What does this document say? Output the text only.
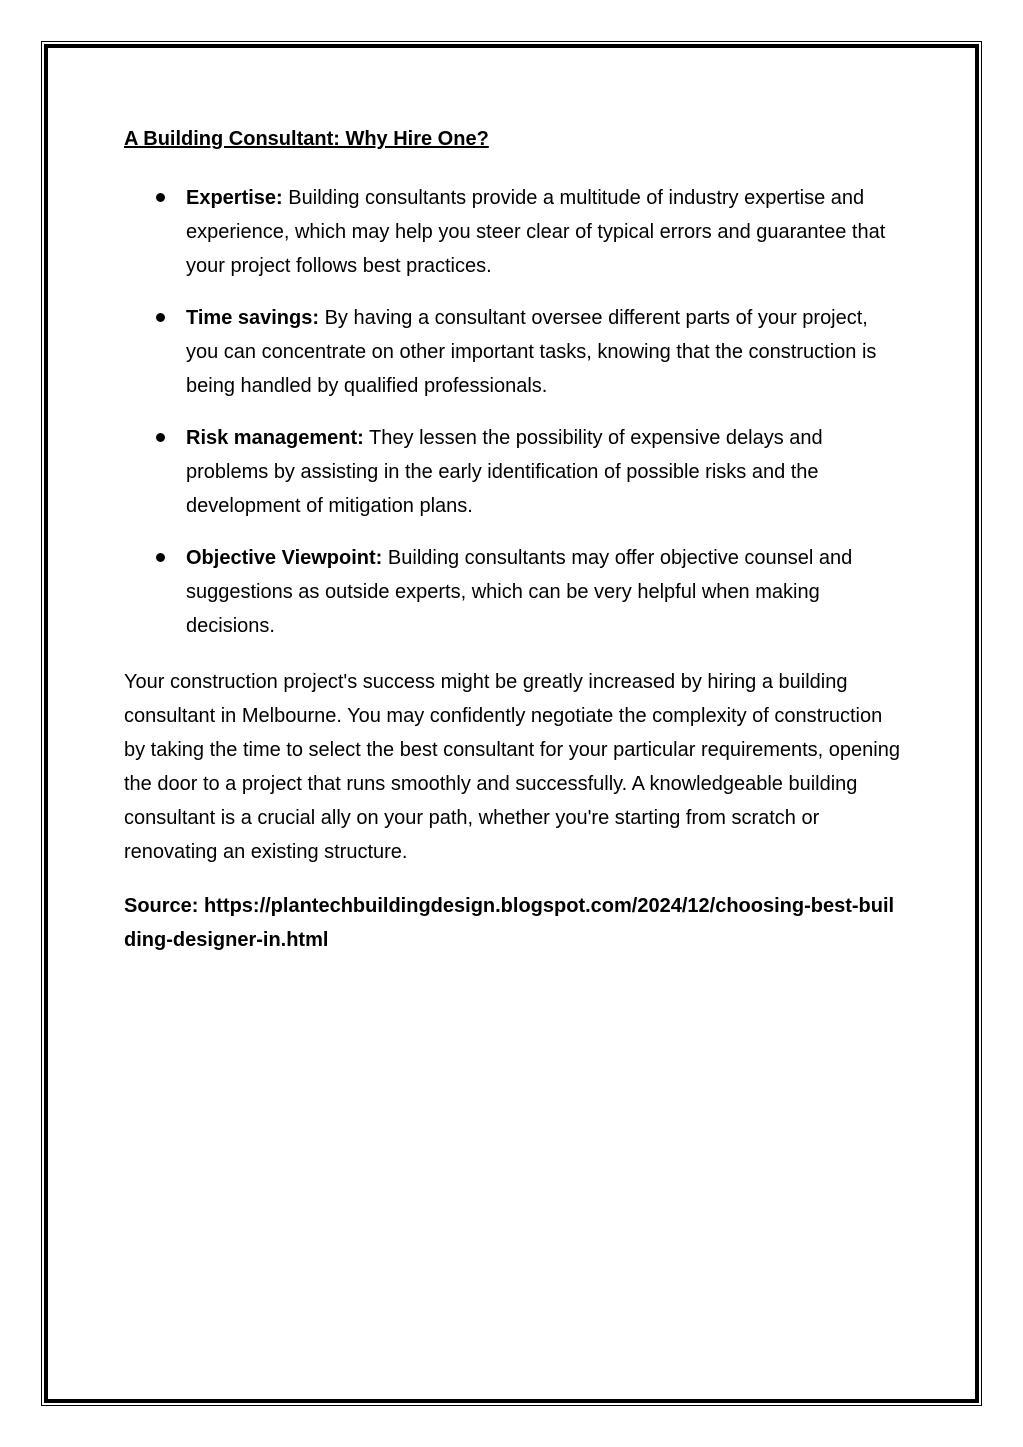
A Building Consultant: Why Hire One?
Expertise: Building consultants provide a multitude of industry expertise and experience, which may help you steer clear of typical errors and guarantee that your project follows best practices.
Time savings: By having a consultant oversee different parts of your project, you can concentrate on other important tasks, knowing that the construction is being handled by qualified professionals.
Risk management: They lessen the possibility of expensive delays and problems by assisting in the early identification of possible risks and the development of mitigation plans.
Objective Viewpoint: Building consultants may offer objective counsel and suggestions as outside experts, which can be very helpful when making decisions.

Your construction project's success might be greatly increased by hiring a building consultant in Melbourne. You may confidently negotiate the complexity of construction by taking the time to select the best consultant for your particular requirements, opening the door to a project that runs smoothly and successfully. A knowledgeable building consultant is a crucial ally on your path, whether you're starting from scratch or renovating an existing structure.

Source: https://plantechbuildingdesign.blogspot.com/2024/12/choosing-best-building-designer-in.html
